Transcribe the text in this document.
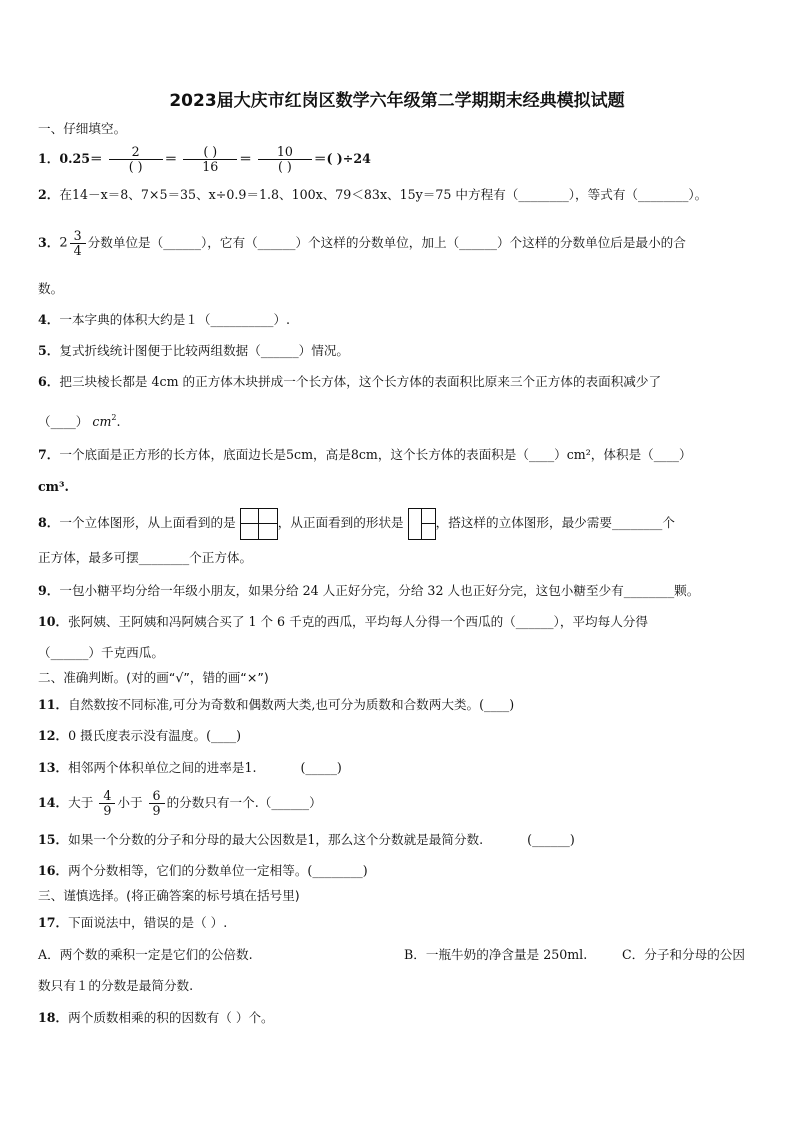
2023届大庆市红岗区数学六年级第二学期期末经典模拟试题
一、仔细填空。
1．$0.25= \frac{2}{( )} = \frac{( )}{16} = \frac{10}{( )}$ ＝( )÷24
2．在14－x＝8、7×5＝35、x÷0.9＝1.8、100x、79＜83x、15y＝75 中方程有（________），等式有（________）。
3．$2 \frac{3}{4}$ 分数单位是（______），它有（______）个这样的分数单位，加上（______）个这样的分数单位后是最小的合
数。
4．一本字典的体积大约是１（__________）.
5．复式折线统计图便于比较两组数据（______）情况。
6．把三块棱长都是 4cm 的正方体木块拼成一个长方体，这个长方体的表面积比原来三个正方体的表面积减少了
（____） $cm^2$.
7．一个底面是正方形的长方体，底面边长是5cm，高是8cm，这个长方体的表面积是（____）cm²，体积是（____）
cm³.
8．一个立体图形，从上面看到的是	，从正面看到的形状是	，搭这样的立体图形，最少需要________个
正方体，最多可摆________个正方体。
9．一包小糖平均分给一年级小朋友，如果分给 24 人正好分完，分给 32 人也正好分完，这包小糖至少有________颗。
10．张阿姨、王阿姨和冯阿姨合买了 1 个 6 千克的西瓜，平均每人分得一个西瓜的（______），平均每人分得
（______）千克西瓜。
二、准确判断。(对的画“√”，错的画“×”)
11．自然数按不同标准,可分为奇数和偶数两大类,也可分为质数和合数两大类。(____)
12．0 摄氏度表示没有温度。(____)
13．相邻两个体积单位之间的进率是1.	(_____)
14．大于 $\frac{4}{9}$ 小于 $\frac{6}{9}$ 的分数只有一个.（______）
15．如果一个分数的分子和分母的最大公因数是1，那么这个分数就是最简分数.	(______)
16．两个分数相等，它们的分数单位一定相等。(________)
三、谨慎选择。(将正确答案的标号填在括号里)
17．下面说法中，错误的是（ ）.
A．两个数的乘积一定是它们的公倍数.	B．一瓶牛奶的净含量是 250ml.	C．分子和分母的公因
数只有１的分数是最简分数.
18．两个质数相乘的积的因数有（ ）个。
